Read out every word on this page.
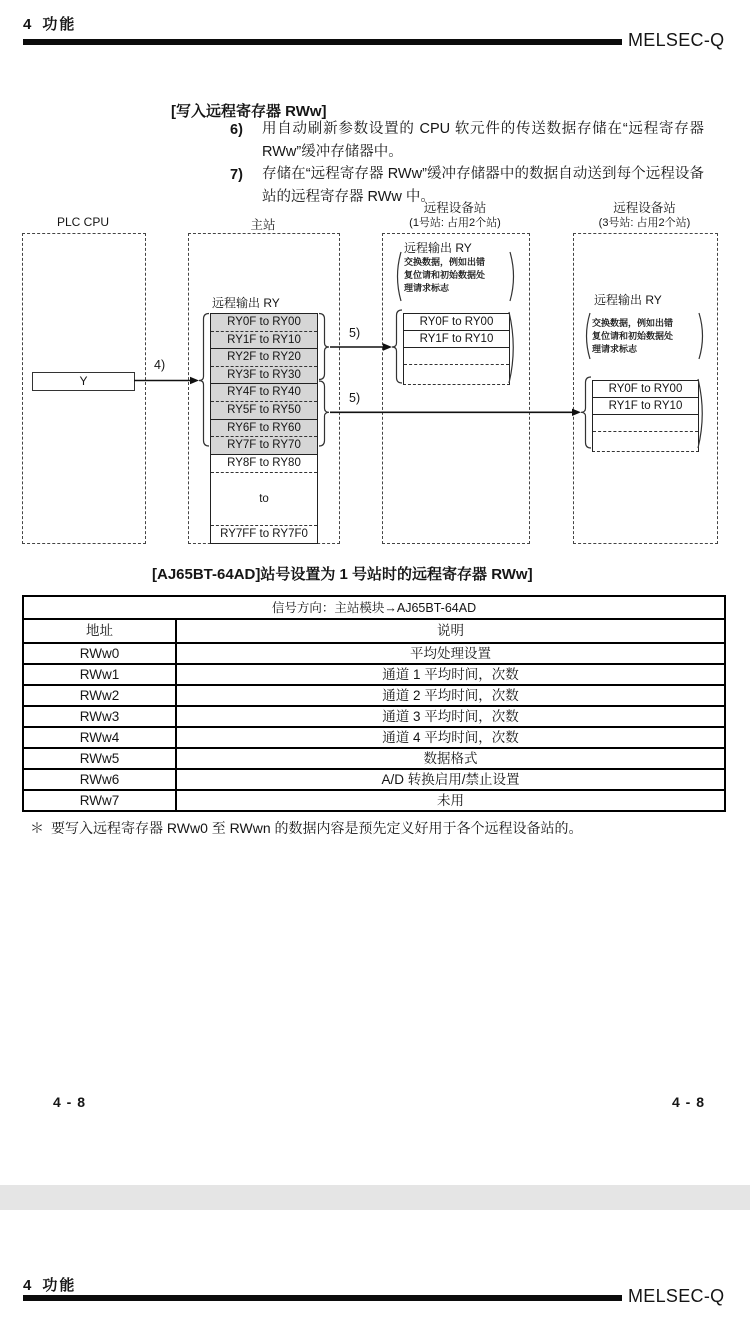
4 功能
MELSEC-Q
[写入远程寄存器 RWw]
6) 用自动刷新参数设置的 CPU 软元件的传送数据存储在“远程寄存器 RWw”缓冲存储器中。
7) 存储在“远程寄存器 RWw”缓冲存储器中的数据自动送到每个远程设备站的远程寄存器 RWw 中。
PLC CPU	主站
远程设备站
(1号站: 占用2个站)
远程设备站
(3号站: 占用2个站)
Y
远程输出 RY
RY0F to RY00
RY1F to RY10
RY2F to RY20
RY3F to RY30
RY4F to RY40
RY5F to RY50
RY6F to RY60
RY7F to RY70
RY8F to RY80
to
RY7FF to RY7F0
远程输出 RY
交换数据，例如出错
复位请和初始数据处
理请求标志
RY0F to RY00
RY1F to RY10
远程输出 RY
交换数据，例如出错
复位请和初始数据处
理请求标志
RY0F to RY00
RY1F to RY10
4)
5)
5)
[AJ65BT-64AD]站号设置为 1 号站时的远程寄存器 RWw]
信号方向：主站模块→AJ65BT-64AD
地址	说明
RWw0	平均处理设置
RWw1	通道 1 平均时间，次数
RWw2	通道 2 平均时间，次数
RWw3	通道 3 平均时间，次数
RWw4	通道 4 平均时间，次数
RWw5	数据格式
RWw6	A/D 转换启用/禁止设置
RWw7	未用
＊ 要写入远程寄存器 RWw0 至 RWwn 的数据内容是预先定义好用于各个远程设备站的。
4 - 8	4 - 8
4 功能
MELSEC-Q
